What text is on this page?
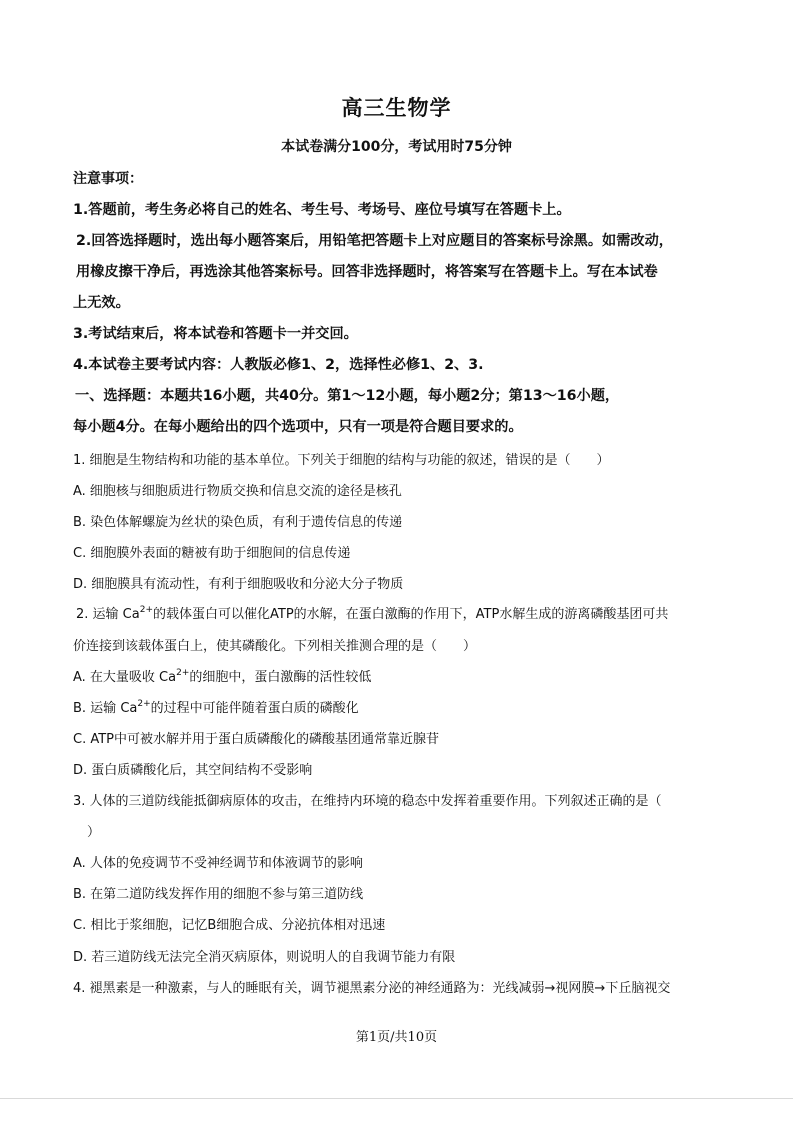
高三生物学
本试卷满分100分，考试用时75分钟
注意事项：
1.答题前，考生务必将自己的姓名、考生号、考场号、座位号填写在答题卡上。
2.回答选择题时，选出每小题答案后，用铅笔把答题卡上对应题目的答案标号涂黑。如需改动，
用橡皮擦干净后，再选涂其他答案标号。回答非选择题时，将答案写在答题卡上。写在本试卷
上无效。
3.考试结束后，将本试卷和答题卡一并交回。
4.本试卷主要考试内容：人教版必修1、2，选择性必修1、2、3.
一、选择题：本题共16小题，共40分。第1～12小题，每小题2分；第13～16小题，
每小题4分。在每小题给出的四个选项中，只有一项是符合题目要求的。
1. 细胞是生物结构和功能的基本单位。下列关于细胞的结构与功能的叙述，错误的是（　　）
A. 细胞核与细胞质进行物质交换和信息交流的途径是核孔
B. 染色体解螺旋为丝状的染色质，有利于遗传信息的传递
C. 细胞膜外表面的糖被有助于细胞间的信息传递
D. 细胞膜具有流动性，有利于细胞吸收和分泌大分子物质
2. 运输 $Ca^{2+}$的载体蛋白可以催化ATP的水解，在蛋白激酶的作用下，ATP水解生成的游离磷酸基团可共
价连接到该载体蛋白上，使其磷酸化。下列相关推测合理的是（　　）
A. 在大量吸收 $Ca^{2+}$的细胞中，蛋白激酶的活性较低
B. 运输 $Ca^{2+}$的过程中可能伴随着蛋白质的磷酸化
C. ATP中可被水解并用于蛋白质磷酸化的磷酸基团通常靠近腺苷
D. 蛋白质磷酸化后，其空间结构不受影响
3. 人体的三道防线能抵御病原体的攻击，在维持内环境的稳态中发挥着重要作用。下列叙述正确的是（
）
A. 人体的免疫调节不受神经调节和体液调节的影响
B. 在第二道防线发挥作用的细胞不参与第三道防线
C. 相比于浆细胞，记忆B细胞合成、分泌抗体相对迅速
D. 若三道防线无法完全消灭病原体，则说明人的自我调节能力有限
4. 褪黑素是一种激素，与人的睡眠有关，调节褪黑素分泌的神经通路为：光线减弱→视网膜→下丘脑视交
第1页/共10页
